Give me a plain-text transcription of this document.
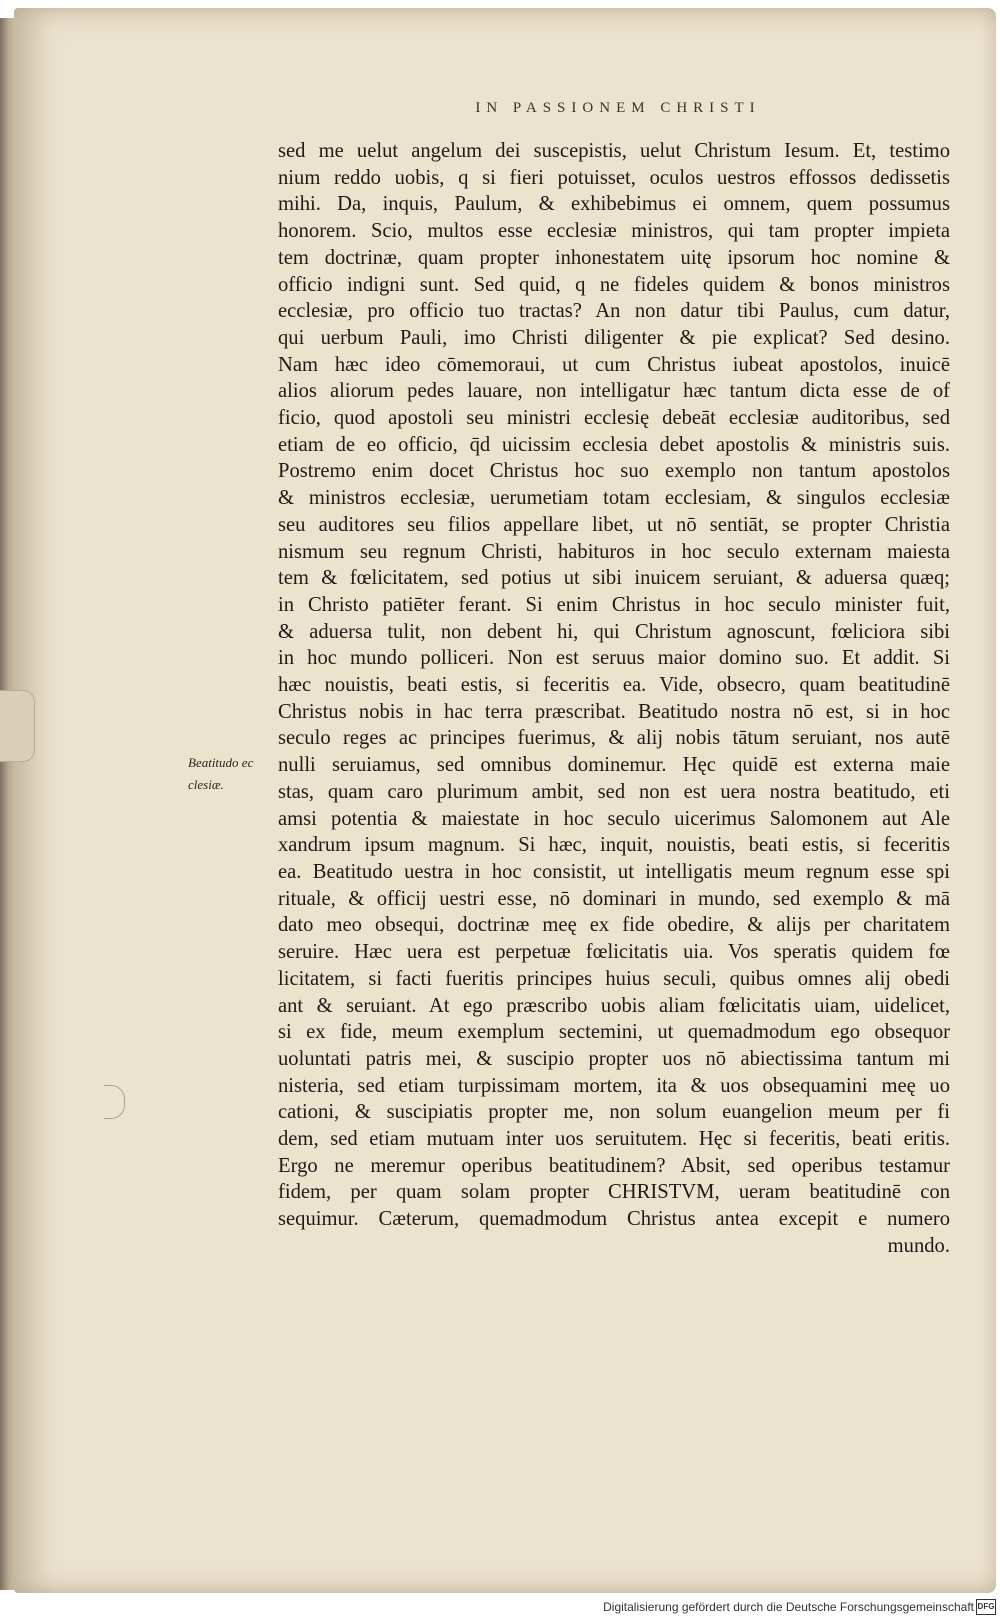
IN PASSIONEM CHRISTI
Beatitudo ec clesiæ.
sed me uelut angelum dei suscepistis, uelut Christum Iesum. Et, testimo
nium reddo uobis, q si fieri potuisset, oculos uestros effossos dedissetis
mihi. Da, inquis, Paulum, & exhibebimus ei omnem, quem possumus
honorem. Scio, multos esse ecclesiæ ministros, qui tam propter impieta
tem doctrinæ, quam propter inhonestatem uitę ipsorum hoc nomine &
officio indigni sunt. Sed quid, q ne fideles quidem & bonos ministros
ecclesiæ, pro officio tuo tractas? An non datur tibi Paulus, cum datur,
qui uerbum Pauli, imo Christi diligenter & pie explicat? Sed desino.
Nam hæc ideo cōmemoraui, ut cum Christus iubeat apostolos, inuicē
alios aliorum pedes lauare, non intelligatur hæc tantum dicta esse de of
ficio, quod apostoli seu ministri ecclesię debeāt ecclesiæ auditoribus, sed
etiam de eo officio, q̄d uicissim ecclesia debet apostolis & ministris suis.
Postremo enim docet Christus hoc suo exemplo non tantum apostolos
& ministros ecclesiæ, uerumetiam totam ecclesiam, & singulos ecclesiæ
seu auditores seu filios appellare libet, ut nō sentiāt, se propter Christia
nismum seu regnum Christi, habituros in hoc seculo externam maiesta
tem & fœlicitatem, sed potius ut sibi inuicem seruiant, & aduersa quæq;
in Christo patiēter ferant. Si enim Christus in hoc seculo minister fuit,
& aduersa tulit, non debent hi, qui Christum agnoscunt, fœliciora sibi
in hoc mundo polliceri. Non est seruus maior domino suo. Et addit. Si
hæc nouistis, beati estis, si feceritis ea. Vide, obsecro, quam beatitudinē
Christus nobis in hac terra præscribat. Beatitudo nostra nō est, si in hoc
seculo reges ac principes fuerimus, & alij nobis tātum seruiant, nos autē
nulli seruiamus, sed omnibus dominemur. Hęc quidē est externa maie
stas, quam caro plurimum ambit, sed non est uera nostra beatitudo, eti
amsi potentia & maiestate in hoc seculo uicerimus Salomonem aut Ale
xandrum ipsum magnum. Si hæc, inquit, nouistis, beati estis, si feceritis
ea. Beatitudo uestra in hoc consistit, ut intelligatis meum regnum esse spi
rituale, & officij uestri esse, nō dominari in mundo, sed exemplo & mā
dato meo obsequi, doctrinæ meę ex fide obedire, & alijs per charitatem
seruire. Hæc uera est perpetuæ fœlicitatis uia. Vos speratis quidem fœ
licitatem, si facti fueritis principes huius seculi, quibus omnes alij obedi
ant & seruiant. At ego præscribo uobis aliam fœlicitatis uiam, uidelicet,
si ex fide, meum exemplum sectemini, ut quemadmodum ego obsequor
uoluntati patris mei, & suscipio propter uos nō abiectissima tantum mi
nisteria, sed etiam turpissimam mortem, ita & uos obsequamini meę uo
cationi, & suscipiatis propter me, non solum euangelion meum per fi
dem, sed etiam mutuam inter uos seruitutem. Hęc si feceritis, beati eritis.
Ergo ne meremur operibus beatitudinem? Absit, sed operibus testamur
fidem, per quam solam propter CHRISTVM, ueram beatitudinē con
sequimur. Cæterum, quemadmodum Christus antea excepit e numero
mundo.
Digitalisierung gefördert durch die Deutsche Forschungsgemeinschaft DFG
